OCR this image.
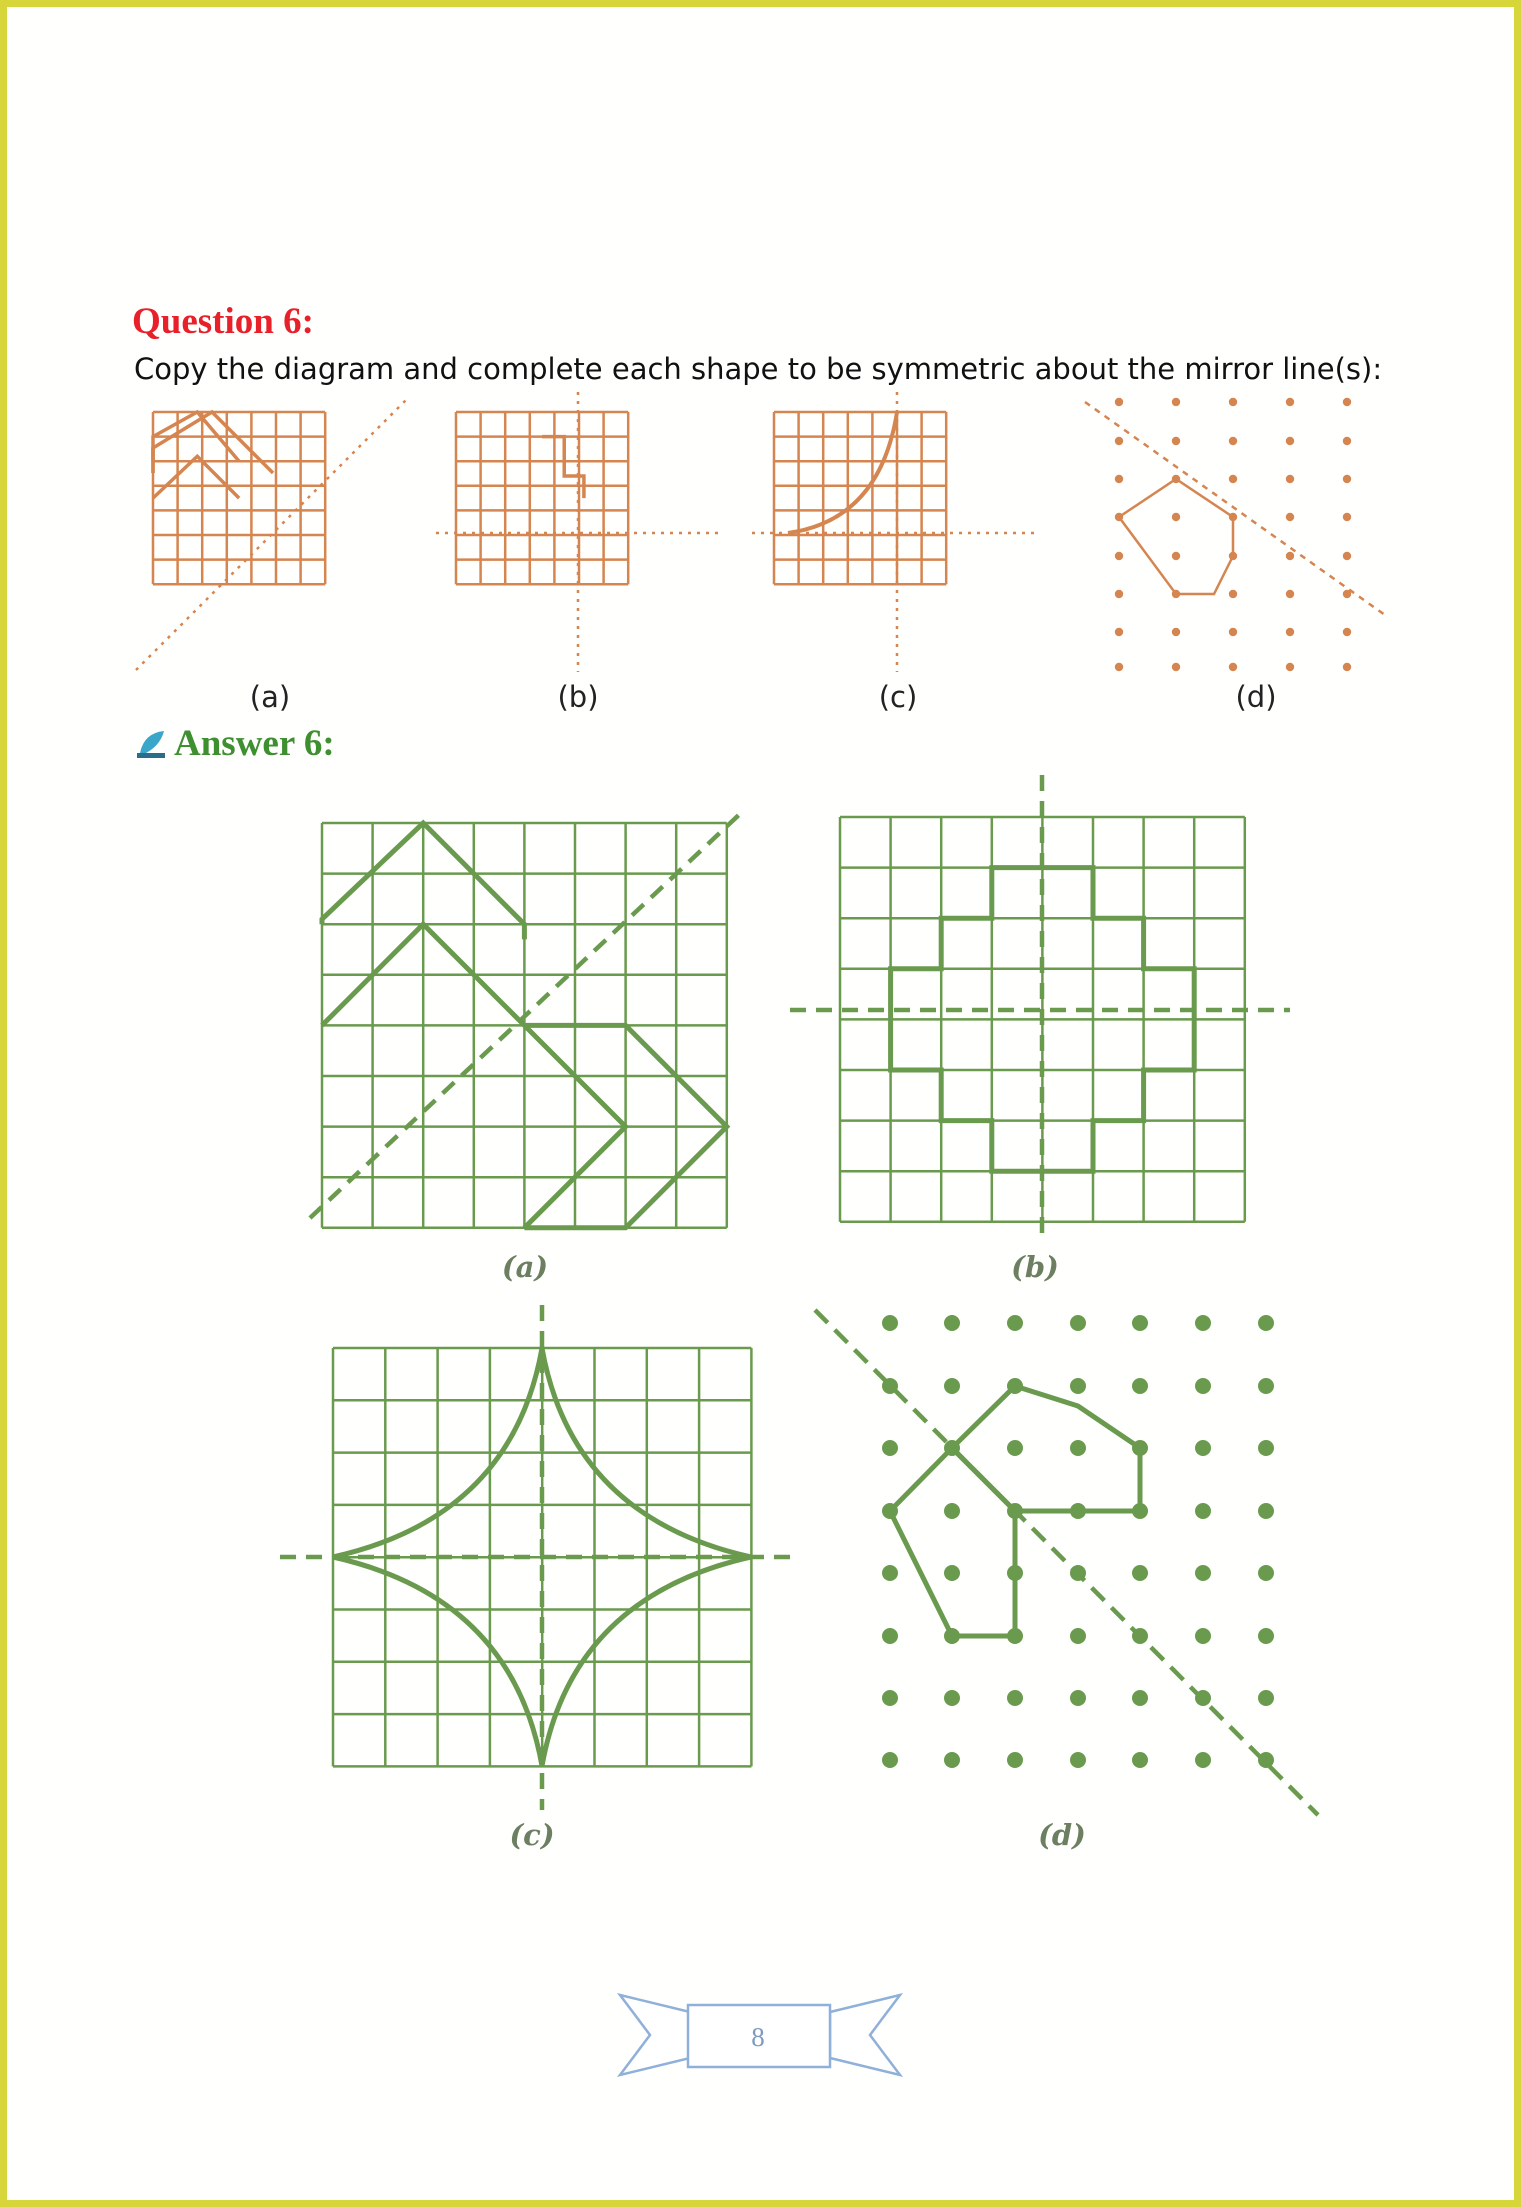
Question 6:
Copy the diagram and complete each shape to be symmetric about the mirror line(s):
(a)	(b)	(c)	(d)
Answer 6:
(a)	(b)
(c)	(d)
8
